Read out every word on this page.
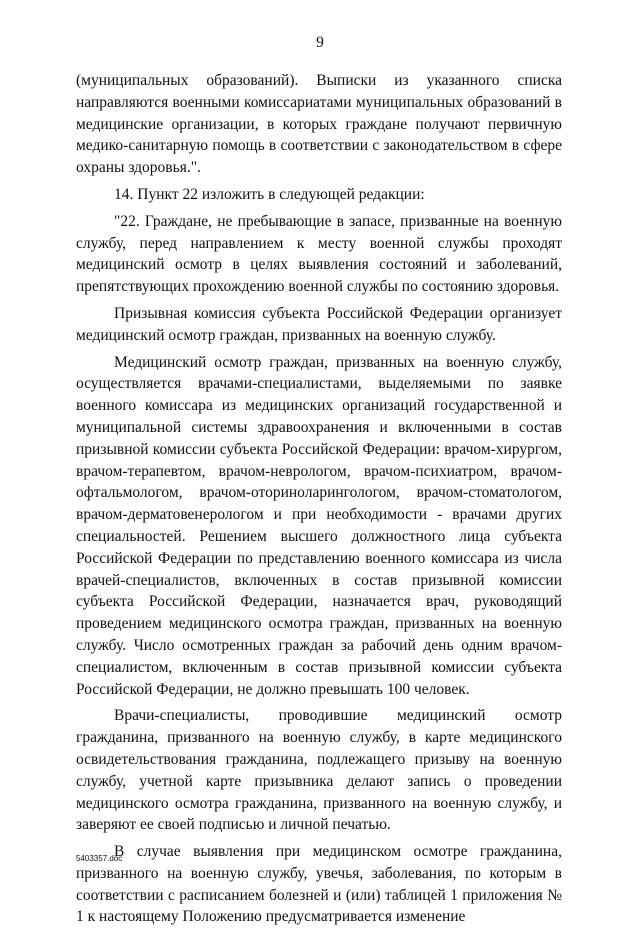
9

(муниципальных образований). Выписки из указанного списка направляются военными комиссариатами муниципальных образований в медицинские организации, в которых граждане получают первичную медико-санитарную помощь в соответствии с законодательством в сфере охраны здоровья.".

14. Пункт 22 изложить в следующей редакции:

"22. Граждане, не пребывающие в запасе, призванные на военную службу, перед направлением к месту военной службы проходят медицинский осмотр в целях выявления состояний и заболеваний, препятствующих прохождению военной службы по состоянию здоровья.

Призывная комиссия субъекта Российской Федерации организует медицинский осмотр граждан, призванных на военную службу.

Медицинский осмотр граждан, призванных на военную службу, осуществляется врачами-специалистами, выделяемыми по заявке военного комиссара из медицинских организаций государственной и муниципальной системы здравоохранения и включенными в состав призывной комиссии субъекта Российской Федерации: врачом-хирургом, врачом-терапевтом, врачом-неврологом, врачом-психиатром, врачом-офтальмологом, врачом-оториноларингологом, врачом-стоматологом, врачом-дерматовенерологом и при необходимости - врачами других специальностей. Решением высшего должностного лица субъекта Российской Федерации по представлению военного комиссара из числа врачей-специалистов, включенных в состав призывной комиссии субъекта Российской Федерации, назначается врач, руководящий проведением медицинского осмотра граждан, призванных на военную службу. Число осмотренных граждан за рабочий день одним врачом-специалистом, включенным в состав призывной комиссии субъекта Российской Федерации, не должно превышать 100 человек.

Врачи-специалисты, проводившие медицинский осмотр гражданина, призванного на военную службу, в карте медицинского освидетельствования гражданина, подлежащего призыву на военную службу, учетной карте призывника делают запись о проведении медицинского осмотра гражданина, призванного на военную службу, и заверяют ее своей подписью и личной печатью.

В случае выявления при медицинском осмотре гражданина, призванного на военную службу, увечья, заболевания, по которым в соответствии с расписанием болезней и (или) таблицей 1 приложения № 1 к настоящему Положению предусматривается изменение

5403357.doc
